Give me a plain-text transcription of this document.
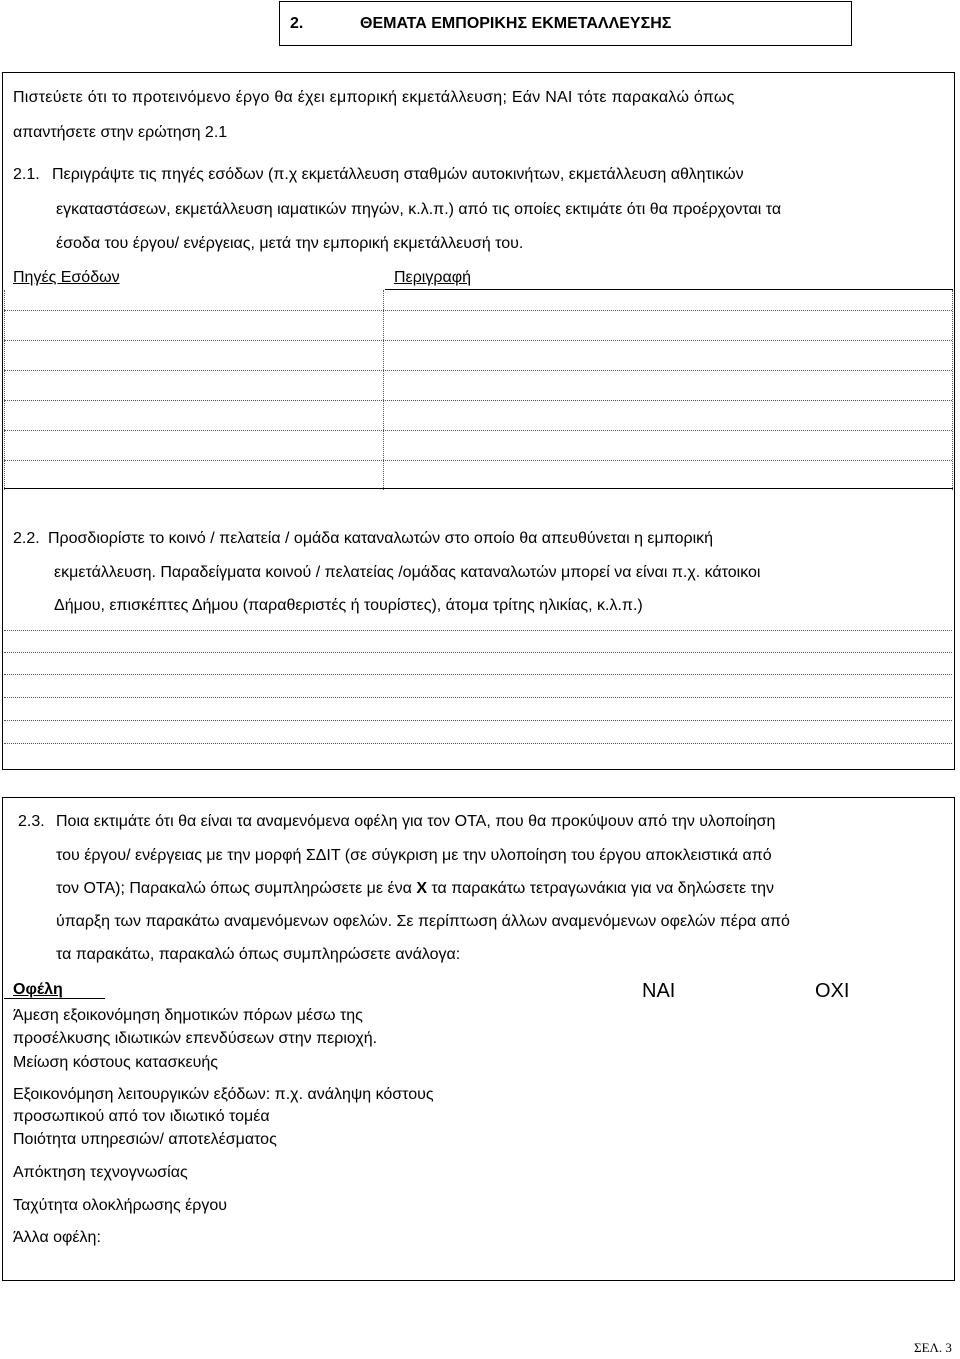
2.	ΘΕΜΑΤΑ ΕΜΠΟΡΙΚΗΣ ΕΚΜΕΤΑΛΛΕΥΣΗΣ
Πιστεύετε ότι το προτεινόμενο έργο θα έχει εμπορική εκμετάλλευση; Εάν ΝΑΙ τότε παρακαλώ όπως
απαντήσετε στην ερώτηση 2.1
2.1. Περιγράψτε τις πηγές εσόδων (π.χ εκμετάλλευση σταθμών αυτοκινήτων, εκμετάλλευση αθλητικών
εγκαταστάσεων, εκμετάλλευση ιαματικών πηγών, κ.λ.π.) από τις οποίες εκτιμάτε ότι θα προέρχονται τα
έσοδα του έργου/ ενέργειας, μετά την εμπορική εκμετάλλευσή του.
Πηγές Εσόδων	Περιγραφή
2.2. Προσδιορίστε το κοινό / πελατεία / ομάδα καταναλωτών στο οποίο θα απευθύνεται η εμπορική
εκμετάλλευση. Παραδείγματα κοινού / πελατείας /ομάδας καταναλωτών μπορεί να είναι π.χ. κάτοικοι
Δήμου, επισκέπτες Δήμου (παραθεριστές ή τουρίστες), άτομα τρίτης ηλικίας, κ.λ.π.)
2.3. Ποια εκτιμάτε ότι θα είναι τα αναμενόμενα οφέλη για τον ΟΤΑ, που θα προκύψουν από την υλοποίηση
του έργου/ ενέργειας με την μορφή ΣΔΙΤ (σε σύγκριση με την υλοποίηση του έργου αποκλειστικά από
τον ΟΤΑ); Παρακαλώ όπως συμπληρώσετε με ένα X τα παρακάτω τετραγωνάκια για να δηλώσετε την
ύπαρξη των παρακάτω αναμενόμενων οφελών. Σε περίπτωση άλλων αναμενόμενων οφελών πέρα από
τα παρακάτω, παρακαλώ όπως συμπληρώσετε ανάλογα:
Οφέλη	ΝΑΙ	ΟΧΙ
Άμεση εξοικονόμηση δημοτικών πόρων μέσω της
προσέλκυσης ιδιωτικών επενδύσεων στην περιοχή.
Μείωση κόστους κατασκευής
Εξοικονόμηση λειτουργικών εξόδων: π.χ. ανάληψη κόστους
προσωπικού από τον ιδιωτικό τομέα
Ποιότητα υπηρεσιών/ αποτελέσματος
Απόκτηση τεχνογνωσίας
Ταχύτητα ολοκλήρωσης έργου
Άλλα οφέλη:
ΣΕΛ. 3
